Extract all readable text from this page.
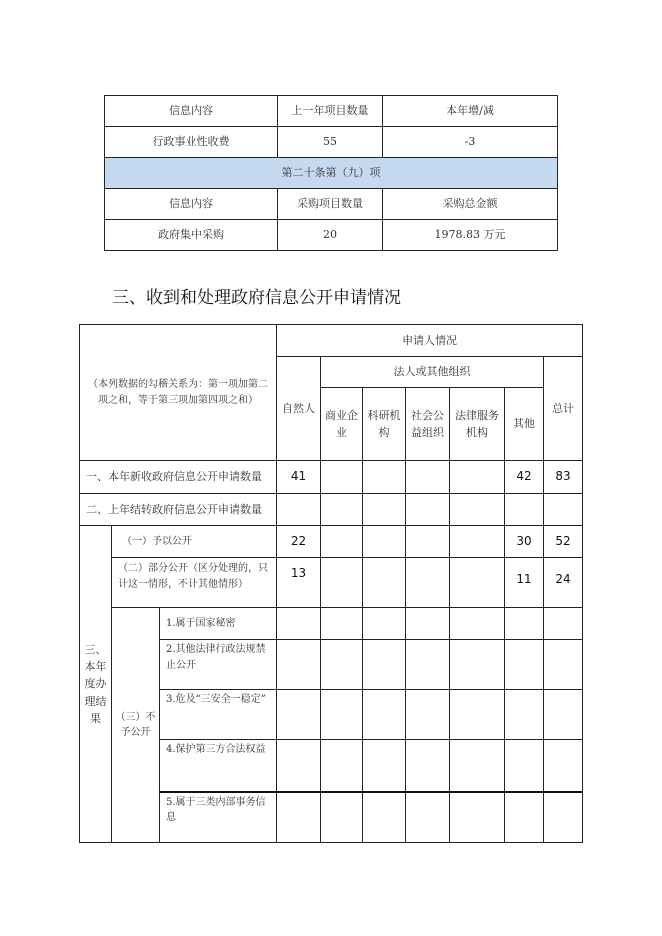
信息内容	上一年项目数量	本年增/减
行政事业性收费	55	-3
第二十条第（九）项		
信息内容	采购项目数量	采购总金额
政府集中采购	20	1978.83 万元
三、收到和处理政府信息公开申请情况
（本列数据的勾稽关系为：第一项加第二项之和，等于第三项加第四项之和）			申请人情况						
			自然人	法人或其他组织					总计
				商业企业	科研机构	社会公益组织	法律服务机构	其他	
一、本年新收政府信息公开申请数量			41					42	83
二、上年结转政府信息公开申请数量									
三、本年度办理结果	（一）予以公开		22					30	52
	（二）部分公开（区分处理的，只计这一情形，不计其他情形）		13					11	24
	（三）不予公开	1.属于国家秘密							
		2.其他法律行政法规禁止公开							
		3.危及“三安全一稳定”							
		4.保护第三方合法权益							
		5.属于三类内部事务信息							
